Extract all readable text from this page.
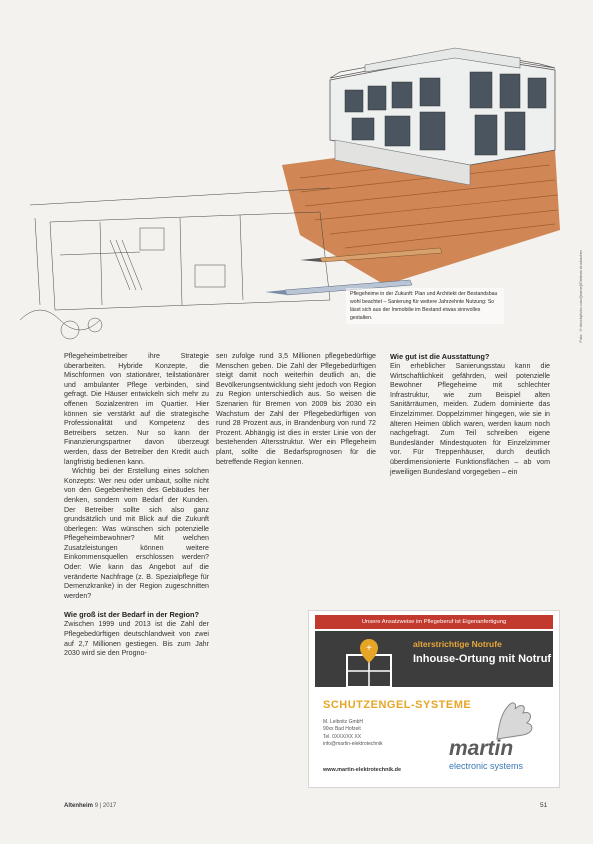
Pflegeheime in der Zukunft: Plan und Architekt der Bestandsbau wohl beachtet – Sanierung für weitere Jahrzehnte Nutzung: So lässt sich aus der Immobilie im Bestand etwas sinnvolles gestalten.	Foto: ©istockphoto.com/[name]/Dietmar Ansbacher

Pflegeheimbetreiber ihre Strategie überarbeiten. Hybride Konzepte, die Mischformen von stationärer, teilstationärer und ambulanter Pflege verbinden, sind gefragt. Die Häuser entwickeln sich mehr zu offenen Sozialzentren im Quartier. Hier können sie verstärkt auf die strategische Professionalität und Kompetenz des Betreibers setzen. Nur so kann der Finanzierungspartner davon überzeugt werden, dass der Betreiber den Kredit auch langfristig bedienen kann.

Wichtig bei der Erstellung eines solchen Konzepts: Wer neu oder umbaut, sollte nicht von den Gegebenheiten des Gebäudes her denken, sondern vom Bedarf der Kunden. Der Betreiber sollte sich also ganz grundsätzlich und mit Blick auf die Zukunft überlegen: Was wünschen sich potenzielle Pflegeheimbewohner? Mit welchen Zusatzleistungen können weitere Einkommensquellen erschlossen werden? Oder: Wie kann das Angebot auf die veränderte Nachfrage (z. B. Spezialpflege für Demenzkranke) in der Region zugeschnitten werden?

Wie groß ist der Bedarf in der Region?

Zwischen 1999 und 2013 ist die Zahl der Pflegebedürftigen deutschlandweit von zwei auf 2,7 Millionen gestiegen. Bis zum Jahr 2030 wird sie den Progno-

sen zufolge rund 3,5 Millionen pflegebedürftige Menschen geben. Die Zahl der Pflegebedürftigen steigt damit noch weiterhin deutlich an, die Bevölkerungsentwicklung sieht jedoch von Region zu Region unterschiedlich aus. So weisen die Szenarien für Bremen von 2009 bis 2030 ein Wachstum der Zahl der Pflegebedürftigen von rund 28 Prozent aus, in Brandenburg von rund 72 Prozent. Abhängig ist dies in erster Linie von der bestehenden Altersstruktur. Wer ein Pflegeheim plant, sollte die Bedarfsprognosen für die betreffende Region kennen.

Wie gut ist die Ausstattung?

Ein erheblicher Sanierungsstau kann die Wirtschaftlichkeit gefährden, weil potenzielle Bewohner Pflegeheime mit schlechter Infrastruktur, wie zum Beispiel alten Sanitärräumen, meiden. Zudem dominierte das Einzelzimmer. Doppelzimmer hingegen, wie sie in älteren Heimen üblich waren, werden kaum noch nachgefragt. Zum Teil schreiben eigene Bundesländer Mindestquoten für Einzelzimmer vor. Für Treppenhäuser, durch deutlich überdimensionierte Funktionsflächen – ab vom jeweiligen Bundesland vorgegeben – ein

Unsere Ansatzweise im Pflegeberuf ist Eigenanfertigung
+	alterstrichtige Notrufe
Inhouse-Ortung mit Notruf
SCHUTZENGEL-SYSTEME
M. Leibnitz GmbH
90xx Bad Hofzeit
Tel. 0XXX/XX XX
info@martin-elektrotechnik
www.martin-elektrotechnik.de
martin
electronic systems
Altenheim 9 | 2017	51
